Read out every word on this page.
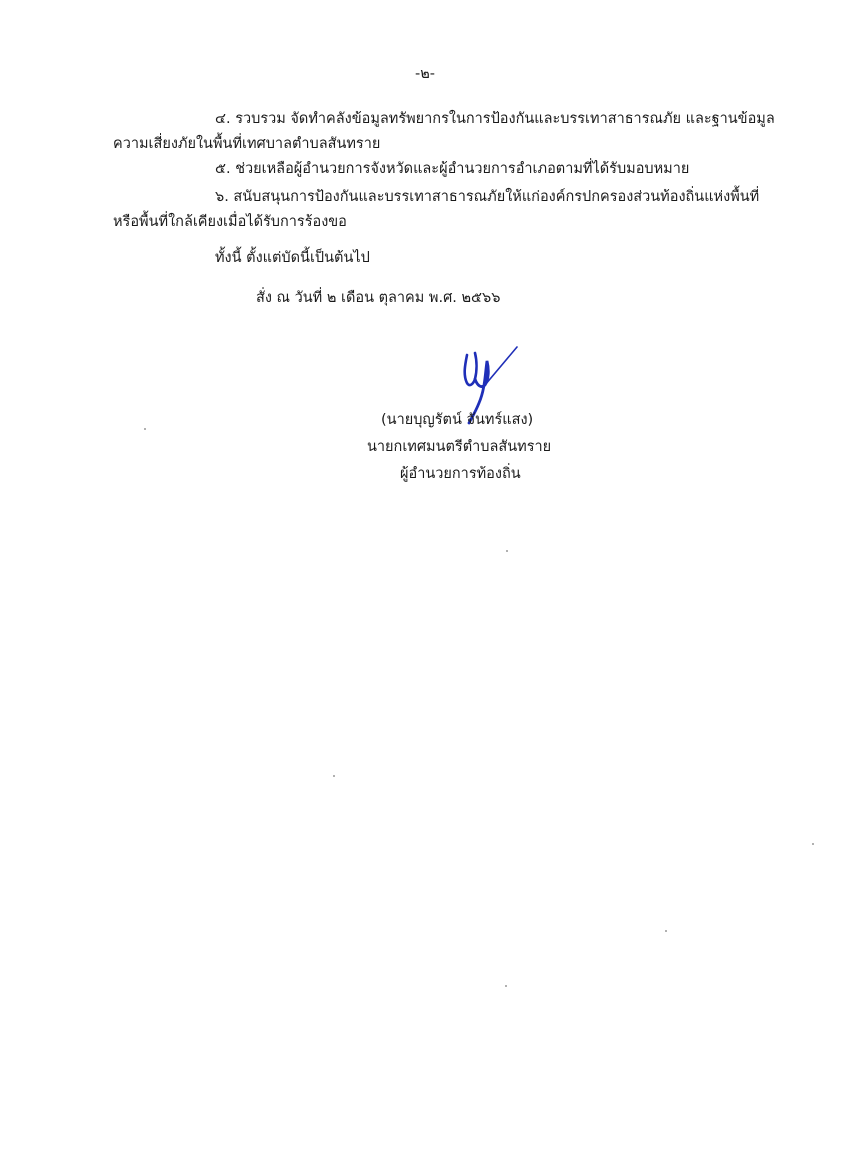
-๒-
๔. รวบรวม จัดทำคลังข้อมูลทรัพยากรในการป้องกันและบรรเทาสาธารณภัย และฐานข้อมูล
ความเสี่ยงภัยในพื้นที่เทศบาลตำบลสันทราย
๕. ช่วยเหลือผู้อำนวยการจังหวัดและผู้อำนวยการอำเภอตามที่ได้รับมอบหมาย
๖. สนับสนุนการป้องกันและบรรเทาสาธารณภัยให้แก่องค์กรปกครองส่วนท้องถิ่นแห่งพื้นที่
หรือพื้นที่ใกล้เคียงเมื่อได้รับการร้องขอ
ทั้งนี้ ตั้งแต่บัดนี้เป็นต้นไป
สั่ง ณ วันที่ ๒ เดือน ตุลาคม พ.ศ. ๒๕๖๖
(นายบุญรัตน์ จันทร์แสง)
นายกเทศมนตรีตำบลสันทราย
ผู้อำนวยการท้องถิ่น
